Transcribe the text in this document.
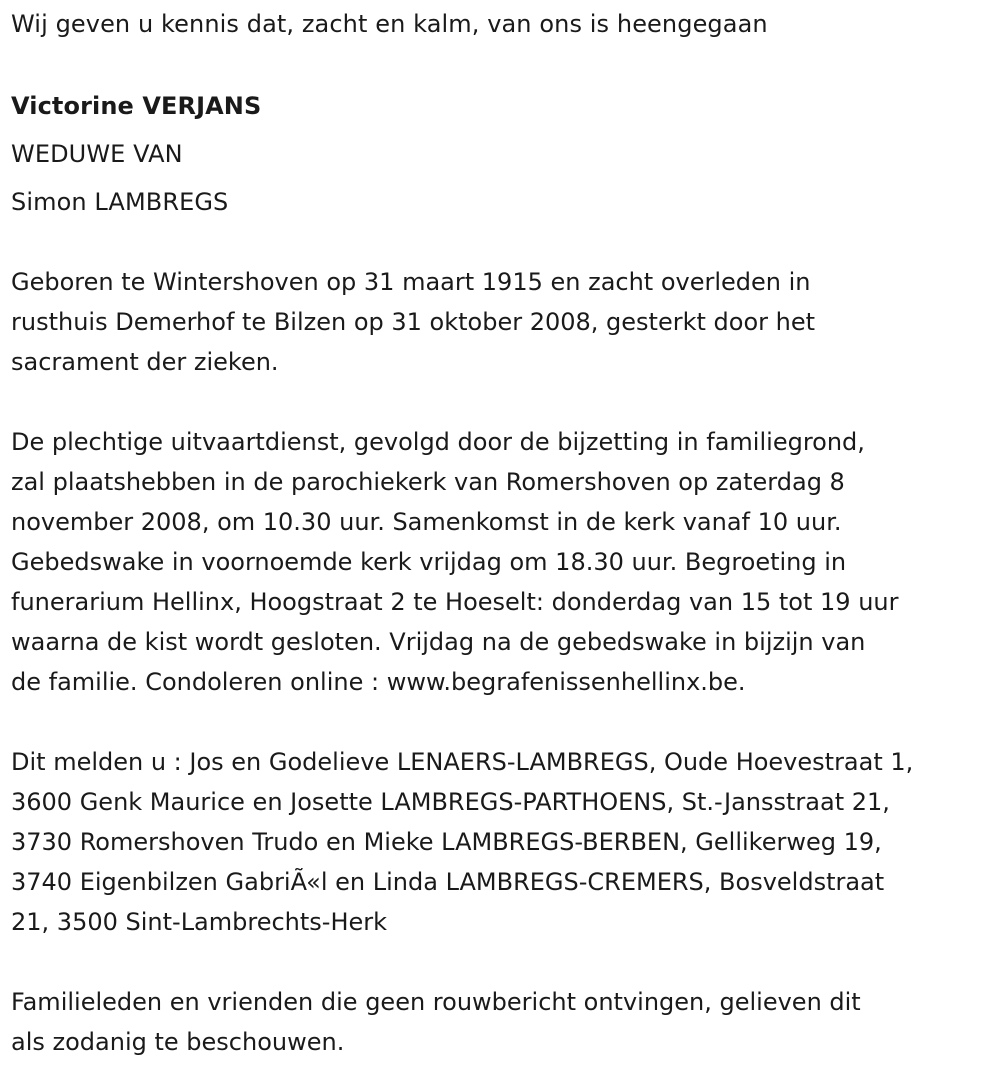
Wij geven u kennis dat, zacht en kalm, van ons is heengegaan

Victorine VERJANS

WEDUWE VAN

Simon LAMBREGS

Geboren te Wintershoven op 31 maart 1915 en zacht overleden in
rusthuis Demerhof te Bilzen op 31 oktober 2008, gesterkt door het
sacrament der zieken.
De plechtige uitvaartdienst, gevolgd door de bijzetting in familiegrond,
zal plaatshebben in de parochiekerk van Romershoven op zaterdag 8
november 2008, om 10.30 uur. Samenkomst in de kerk vanaf 10 uur.
Gebedswake in voornoemde kerk vrijdag om 18.30 uur. Begroeting in
funerarium Hellinx, Hoogstraat 2 te Hoeselt: donderdag van 15 tot 19 uur
waarna de kist wordt gesloten. Vrijdag na de gebedswake in bijzijn van
de familie. Condoleren online : www.begrafenissenhellinx.be.
Dit melden u : Jos en Godelieve LENAERS-LAMBREGS, Oude Hoevestraat 1,
3600 Genk Maurice en Josette LAMBREGS-PARTHOENS, St.-Jansstraat 21,
3730 Romershoven Trudo en Mieke LAMBREGS-BERBEN, Gellikerweg 19,
3740 Eigenbilzen GabriÃ«l en Linda LAMBREGS-CREMERS, Bosveldstraat
21, 3500 Sint-Lambrechts-Herk
Familieleden en vrienden die geen rouwbericht ontvingen, gelieven dit
als zodanig te beschouwen.
